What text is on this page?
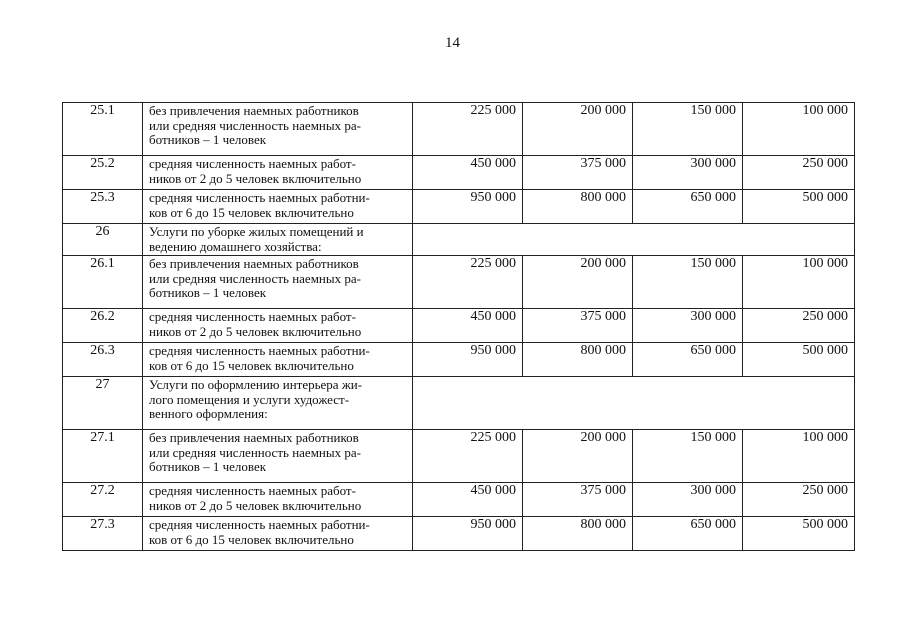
14
25.1	без привлечения наемных работников
или средняя численность наемных ра-
ботников – 1 человек	225 000	200 000	150 000	100 000
25.2	средняя численность наемных работ-
ников от 2 до 5 человек включительно	450 000	375 000	300 000	250 000
25.3	средняя численность наемных работни-
ков от 6 до 15 человек включительно	950 000	800 000	650 000	500 000
26	Услуги по уборке жилых помещений и
ведению домашнего хозяйства:				

26.1	без привлечения наемных работников
или средняя численность наемных ра-
ботников – 1 человек	225 000	200 000	150 000	100 000
26.2	средняя численность наемных работ-
ников от 2 до 5 человек включительно	450 000	375 000	300 000	250 000
26.3	средняя численность наемных работни-
ков от 6 до 15 человек включительно	950 000	800 000	650 000	500 000
27	Услуги по оформлению интерьера жи-
лого помещения и услуги художест-
венного оформления:				

27.1	без привлечения наемных работников
или средняя численность наемных ра-
ботников – 1 человек	225 000	200 000	150 000	100 000
27.2	средняя численность наемных работ-
ников от 2 до 5 человек включительно	450 000	375 000	300 000	250 000
27.3	средняя численность наемных работни-
ков от 6 до 15 человек включительно	950 000	800 000	650 000	500 000
